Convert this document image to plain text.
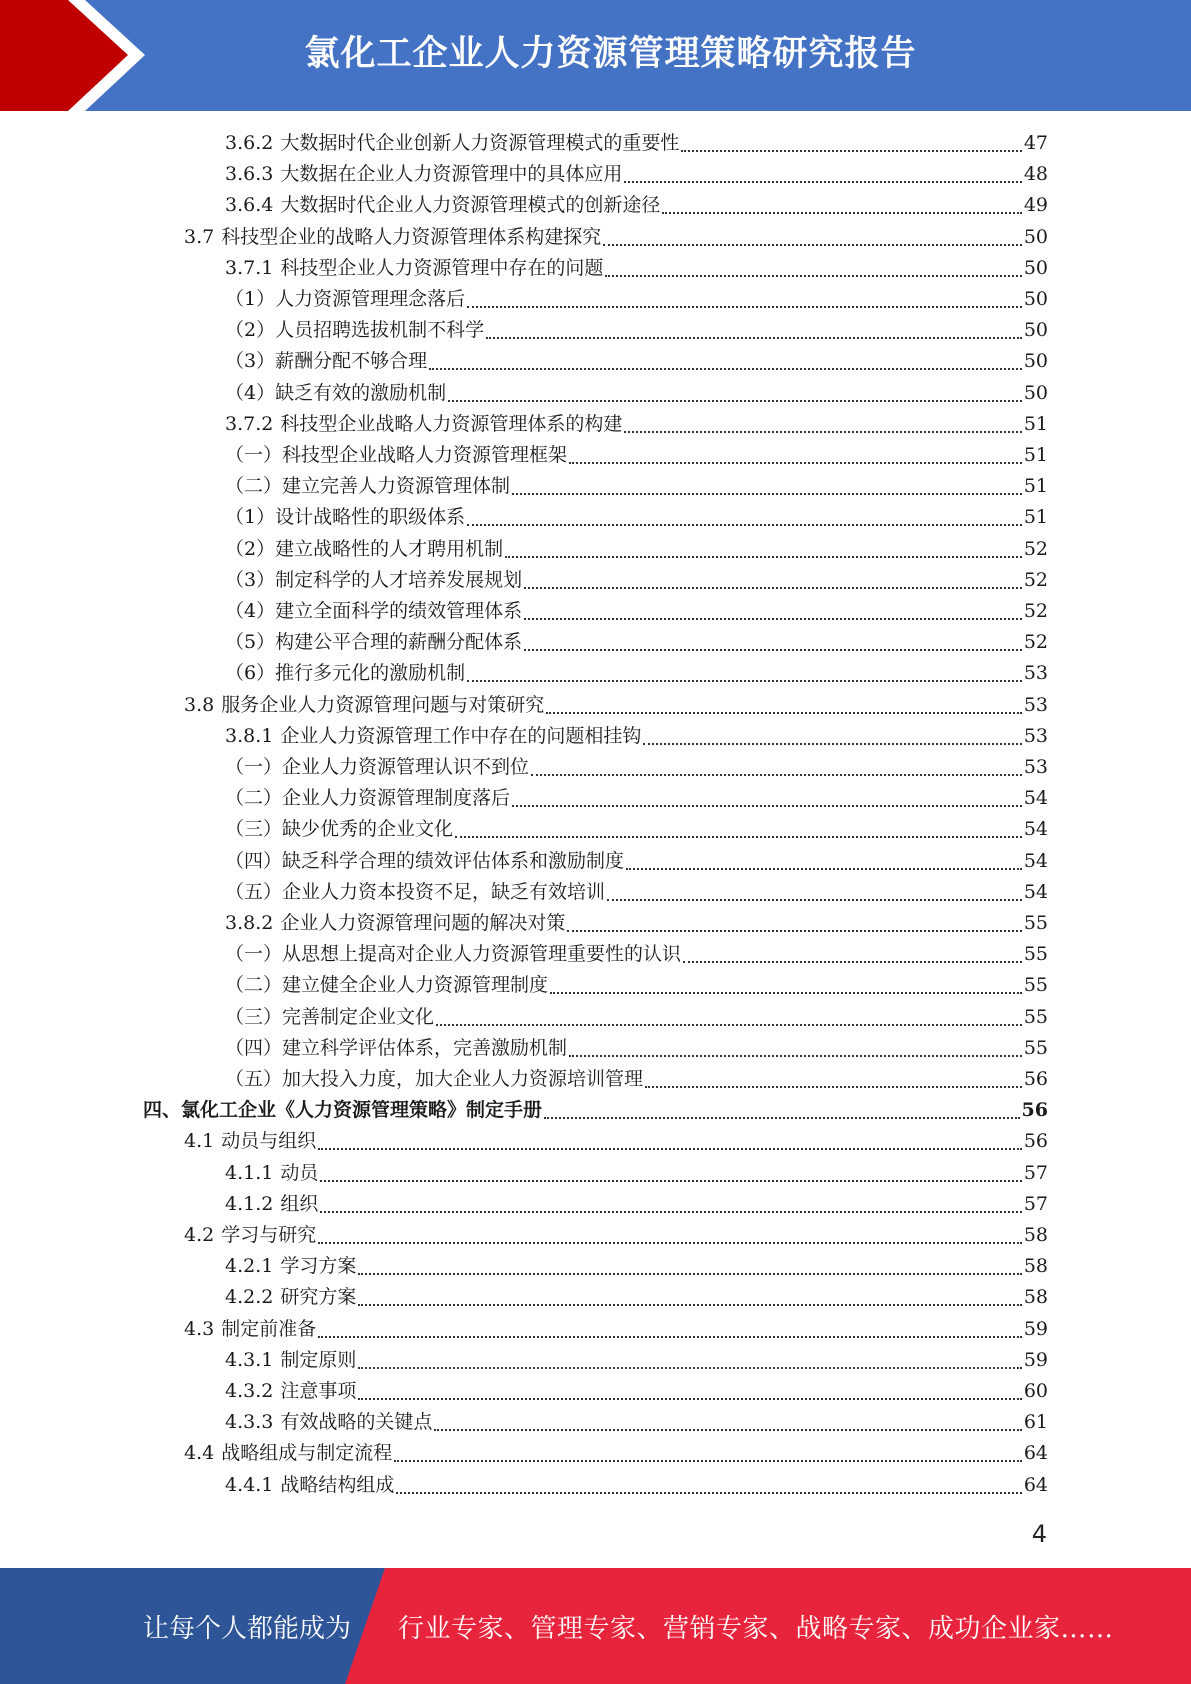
氯化工企业人力资源管理策略研究报告
3.6.2 大数据时代企业创新人力资源管理模式的重要性	47
3.6.3 大数据在企业人力资源管理中的具体应用	48
3.6.4 大数据时代企业人力资源管理模式的创新途径	49
3.7 科技型企业的战略人力资源管理体系构建探究	50
3.7.1 科技型企业人力资源管理中存在的问题	50
（1）人力资源管理理念落后	50
（2）人员招聘选拔机制不科学	50
（3）薪酬分配不够合理	50
（4）缺乏有效的激励机制	50
3.7.2 科技型企业战略人力资源管理体系的构建	51
（一）科技型企业战略人力资源管理框架	51
（二）建立完善人力资源管理体制	51
（1）设计战略性的职级体系	51
（2）建立战略性的人才聘用机制	52
（3）制定科学的人才培养发展规划	52
（4）建立全面科学的绩效管理体系	52
（5）构建公平合理的薪酬分配体系	52
（6）推行多元化的激励机制	53
3.8 服务企业人力资源管理问题与对策研究	53
3.8.1 企业人力资源管理工作中存在的问题相挂钩	53
（一）企业人力资源管理认识不到位	53
（二）企业人力资源管理制度落后	54
（三）缺少优秀的企业文化	54
（四）缺乏科学合理的绩效评估体系和激励制度	54
（五）企业人力资本投资不足，缺乏有效培训	54
3.8.2 企业人力资源管理问题的解决对策	55
（一）从思想上提高对企业人力资源管理重要性的认识	55
（二）建立健全企业人力资源管理制度	55
（三）完善制定企业文化	55
（四）建立科学评估体系，完善激励机制	55
（五）加大投入力度，加大企业人力资源培训管理	56
四、氯化工企业《人力资源管理策略》制定手册	56
4.1 动员与组织	56
4.1.1 动员	57
4.1.2 组织	57
4.2 学习与研究	58
4.2.1 学习方案	58
4.2.2 研究方案	58
4.3 制定前准备	59
4.3.1 制定原则	59
4.3.2 注意事项	60
4.3.3 有效战略的关键点	61
4.4 战略组成与制定流程	64
4.4.1 战略结构组成	64
4
让每个人都能成为 行业专家、管理专家、营销专家、战略专家、成功企业家……
